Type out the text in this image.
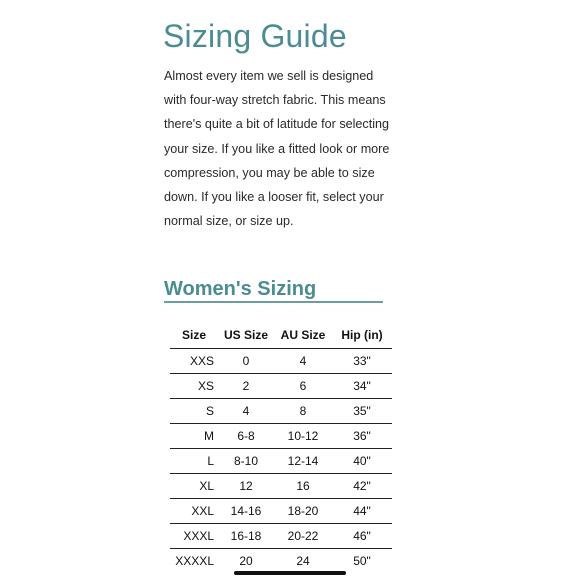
Sizing Guide

Almost every item we sell is designed
with four-way stretch fabric. This means
there's quite a bit of latitude for selecting
your size. If you like a fitted look or more
compression, you may be able to size
down. If you like a looser fit, select your
normal size, or size up.

Women's Sizing
Size	US Size	AU Size	Hip (in)
XXS	0	4	33"
XS	2	6	34"
S	4	8	35"
M	6-8	10-12	36"
L	8-10	12-14	40"
XL	12	16	42"
XXL	14-16	18-20	44"
XXXL	16-18	20-22	46"
XXXXL	20	24	50"
